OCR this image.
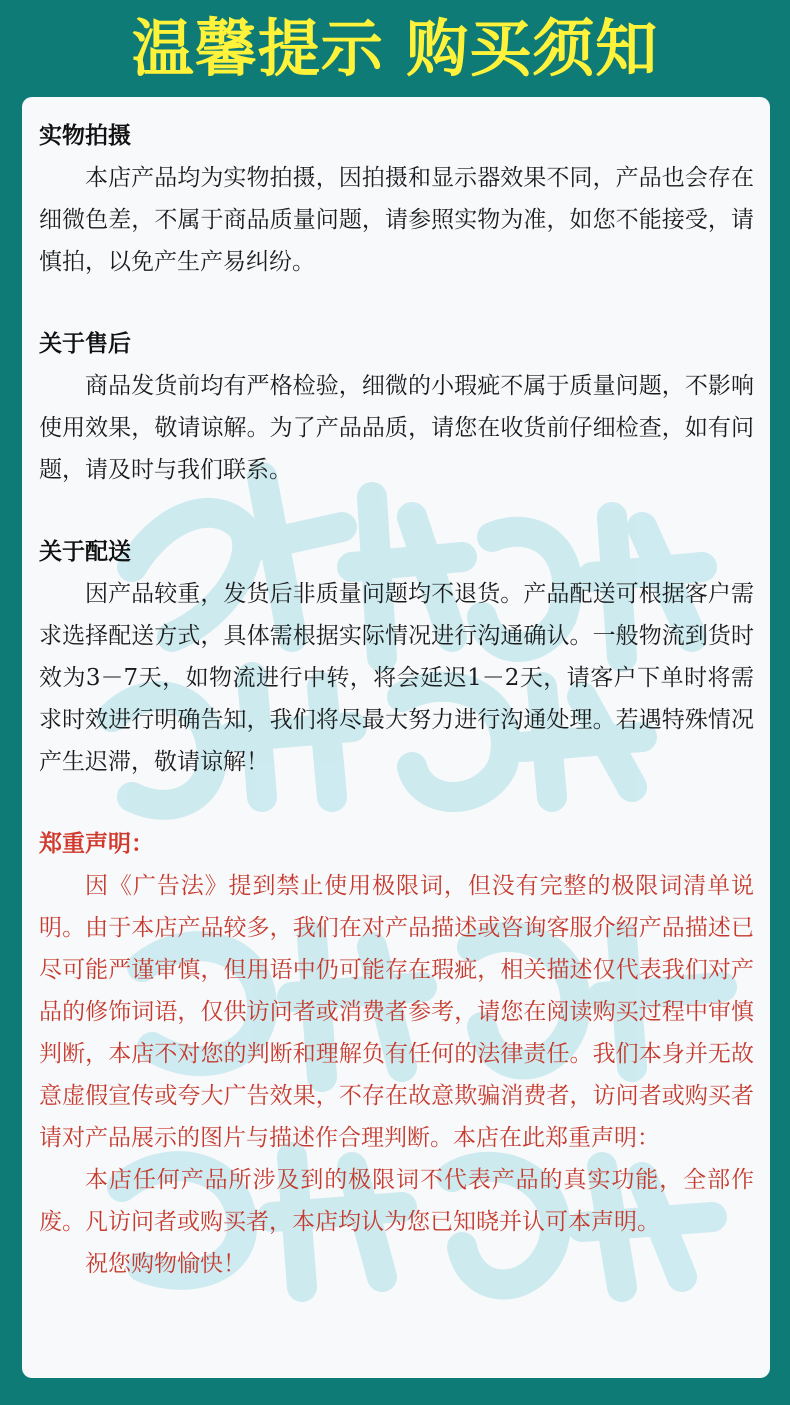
温馨提示 购买须知

实物拍摄

本店产品均为实物拍摄，因拍摄和显示器效果不同，产品也会存在细微色差，不属于商品质量问题，请参照实物为准，如您不能接受，请慎拍，以免产生产易纠纷。

关于售后

商品发货前均有严格检验，细微的小瑕疵不属于质量问题，不影响使用效果，敬请谅解。为了产品品质，请您在收货前仔细检查，如有问题，请及时与我们联系。

关于配送

因产品较重，发货后非质量问题均不退货。产品配送可根据客户需求选择配送方式，具体需根据实际情况进行沟通确认。一般物流到货时效为3－7天，如物流进行中转，将会延迟1－2天，请客户下单时将需求时效进行明确告知，我们将尽最大努力进行沟通处理。若遇特殊情况产生迟滞，敬请谅解！

郑重声明：

因《广告法》提到禁止使用极限词，但没有完整的极限词清单说明。由于本店产品较多，我们在对产品描述或咨询客服介绍产品描述已尽可能严谨审慎，但用语中仍可能存在瑕疵，相关描述仅代表我们对产品的修饰词语，仅供访问者或消费者参考，请您在阅读购买过程中审慎判断，本店不对您的判断和理解负有任何的法律责任。我们本身并无故意虚假宣传或夸大广告效果，不存在故意欺骗消费者，访问者或购买者请对产品展示的图片与描述作合理判断。本店在此郑重声明：

本店任何产品所涉及到的极限词不代表产品的真实功能，全部作废。凡访问者或购买者，本店均认为您已知晓并认可本声明。

祝您购物愉快！
